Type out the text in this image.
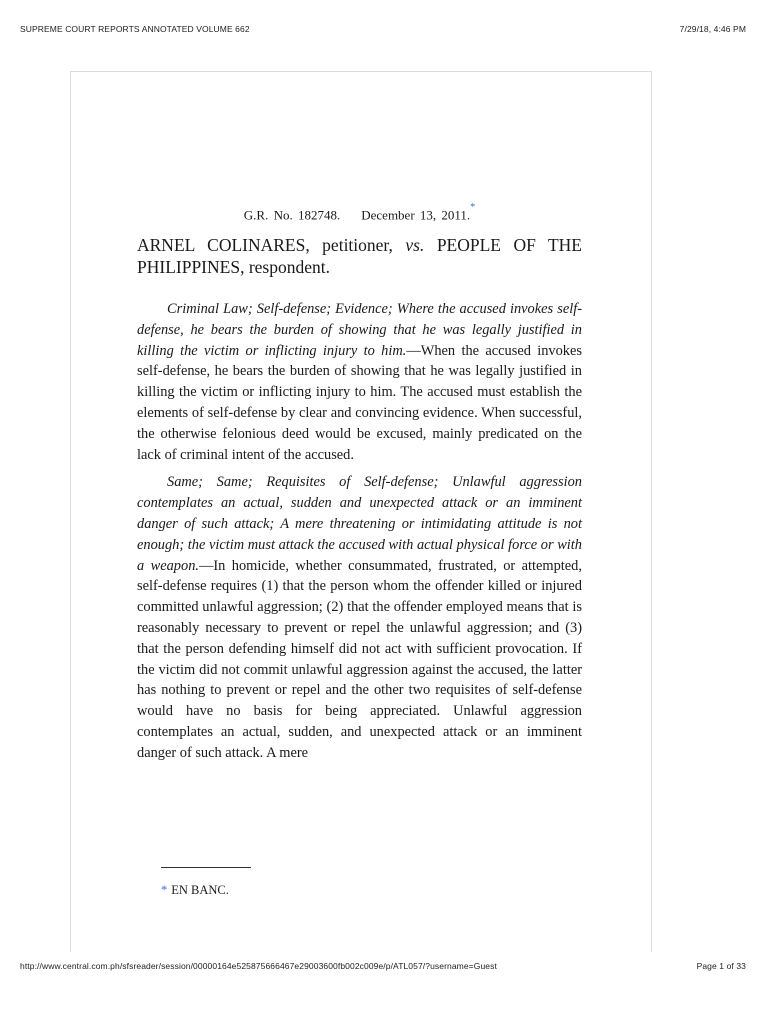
SUPREME COURT REPORTS ANNOTATED VOLUME 662	7/29/18, 4:46 PM
G.R. No. 182748. December 13, 2011.*
ARNEL COLINARES, petitioner, vs. PEOPLE OF THE PHILIPPINES, respondent.

Criminal Law; Self-defense; Evidence; Where the accused invokes self-defense, he bears the burden of showing that he was legally justified in killing the victim or inflicting injury to him.—When the accused invokes self-defense, he bears the burden of showing that he was legally justified in killing the victim or inflicting injury to him. The accused must establish the elements of self-defense by clear and convincing evidence. When successful, the otherwise felonious deed would be excused, mainly predicated on the lack of criminal intent of the accused.

Same; Same; Requisites of Self-defense; Unlawful aggression contemplates an actual, sudden and unexpected attack or an imminent danger of such attack; A mere threatening or intimidating attitude is not enough; the victim must attack the accused with actual physical force or with a weapon.—In homicide, whether consummated, frustrated, or attempted, self-defense requires (1) that the person whom the offender killed or injured committed unlawful aggression; (2) that the offender employed means that is reasonably necessary to prevent or repel the unlawful aggression; and (3) that the person defending himself did not act with sufficient provocation. If the victim did not commit unlawful aggression against the accused, the latter has nothing to prevent or repel and the other two requisites of self-defense would have no basis for being appreciated. Unlawful aggression contemplates an actual, sudden, and unexpected attack or an imminent danger of such attack. A mere

* EN BANC.
http://www.central.com.ph/sfsreader/session/00000164e525875666467e29003600fb002c009e/p/ATL057/?username=Guest	Page 1 of 33
